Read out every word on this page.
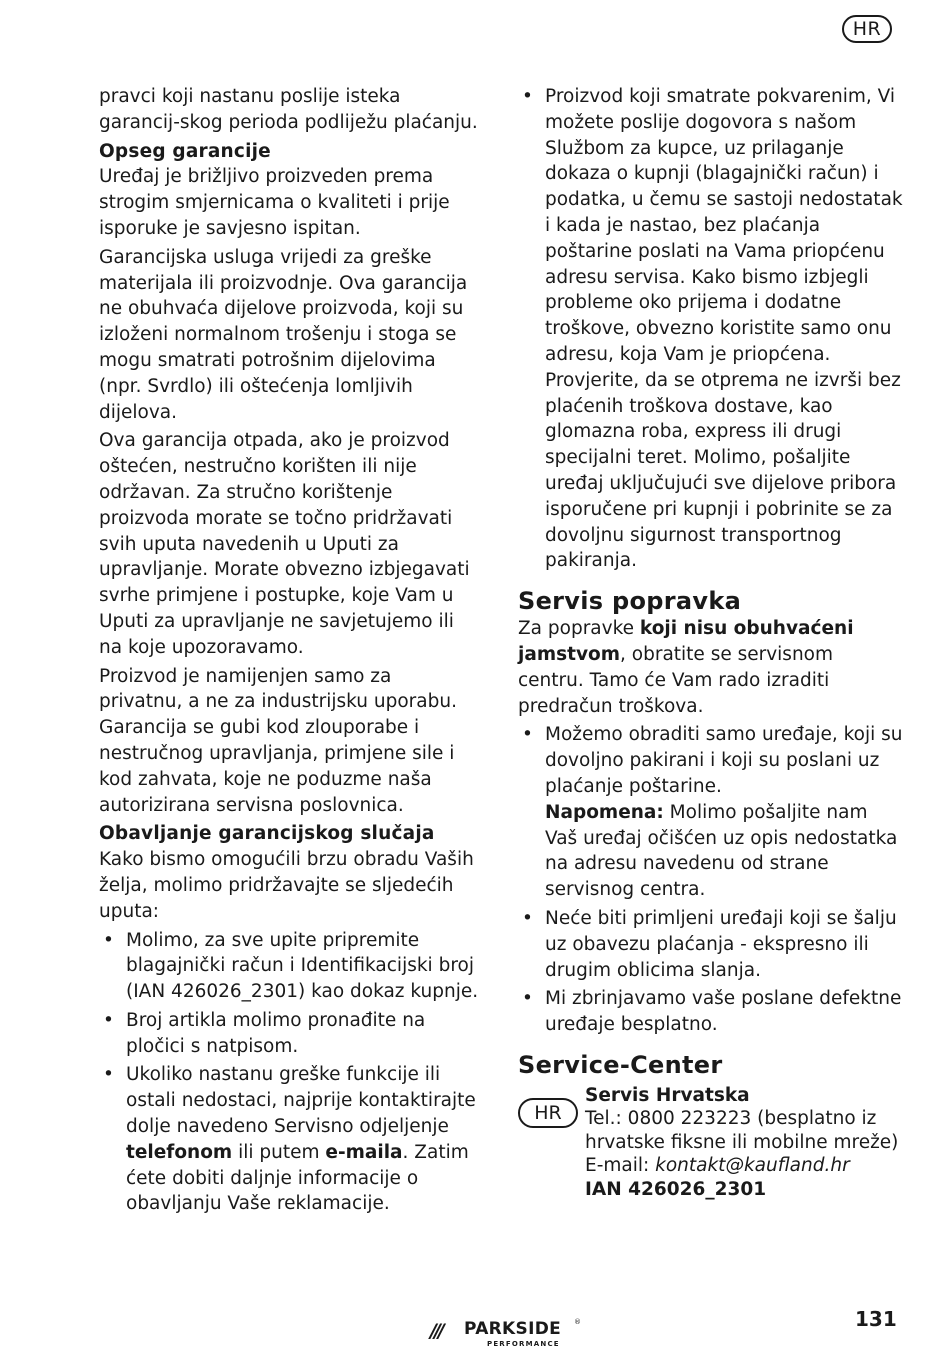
HR

pravci koji nastanu poslije isteka garancij-skog perioda podliježu plaćanju.

Opseg garancije

Uređaj je brižljivo proizveden prema strogim smjernicama o kvaliteti i prije isporuke je savjesno ispitan.

Garancijska usluga vrijedi za greške materijala ili proizvodnje. Ova garancija ne obuhvaća dijelove proizvoda, koji su izloženi normalnom trošenju i stoga se mogu smatrati potrošnim dijelovima (npr. Svrdlo) ili oštećenja lomljivih dijelova.

Ova garancija otpada, ako je proizvod oštećen, nestručno korišten ili nije održavan. Za stručno korištenje proizvoda morate se točno pridržavati svih uputa navedenih u Uputi za upravljanje. Morate obvezno izbjegavati svrhe primjene i postupke, koje Vam u Uputi za upravljanje ne savjetujemo ili na koje upozoravamo.

Proizvod je namijenjen samo za privatnu, a ne za industrijsku uporabu. Garancija se gubi kod zlouporabe i nestručnog upravljanja, primjene sile i kod zahvata, koje ne poduzme naša autorizirana servisna poslovnica.

Obavljanje garancijskog slučaja

Kako bismo omogućili brzu obradu Vaših želja, molimo pridržavajte se sljedećih uputa:

• Molimo, za sve upite pripremite blagajnički račun i Identifikacijski broj (IAN 426026_2301) kao dokaz kupnje.
• Broj artikla molimo pronađite na pločici s natpisom.
• Ukoliko nastanu greške funkcije ili ostali nedostaci, najprije kontaktirajte dolje navedeno Servisno odjeljenje telefonom ili putem e-maila. Zatim ćete dobiti daljnje informacije o obavljanju Vaše reklamacije.
• Proizvod koji smatrate pokvarenim, Vi možete poslije dogovora s našom Službom za kupce, uz prilaganje dokaza o kupnji (blagajnički račun) i podatka, u čemu se sastoji nedostatak i kada je nastao, bez plaćanja poštarine poslati na Vama priopćenu adresu servisa. Kako bismo izbjegli probleme oko prijema i dodatne troškove, obvezno koristite samo onu adresu, koja Vam je priopćena. Provjerite, da se otprema ne izvrši bez plaćenih troškova dostave, kao glomazna roba, express ili drugi specijalni teret. Molimo, pošaljite uređaj uključujući sve dijelove pribora isporučene pri kupnji i pobrinite se za dovoljnu sigurnost transportnog pakiranja.
Servis popravka

Za popravke koji nisu obuhvaćeni jamstvom, obratite se servisnom centru. Tamo će Vam rado izraditi predračun troškova.

• Možemo obraditi samo uređaje, koji su dovoljno pakirani i koji su poslani uz plaćanje poštarine.
Napomena: Molimo pošaljite nam Vaš uređaj očišćen uz opis nedostatka na adresu navedenu od strane servisnog centra.
• Neće biti primljeni uređaji koji se šalju uz obavezu plaćanja - ekspresno ili drugim oblicima slanja.
• Mi zbrinjavamo vaše poslane defektne uređaje besplatno.
Service-Center
HR
Servis Hrvatska
Tel.: 0800 223223 (besplatno iz hrvatske fiksne ili mobilne mreže)
E-mail: kontakt@kaufland.hr
IAN 426026_2301
/// PARKSIDE ®
PERFORMANCE
131
